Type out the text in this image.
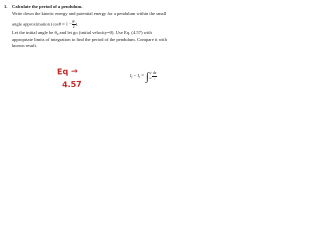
1. Calculate the period of a pendulum.
Write down the kinetic energy and potential energy for a pendulum within the small
angle approximation ($\cos\theta \approx 1 - \frac{\text{θ²}}{2}$ ).
Let the initial angle be $\theta_0$ and let go (initial velocity=0). Use Eq. (4.57) with
appropriate limits of integration to find the period of the pendulum. Compare it with
known result.
Eq →
4.57
$t_f - t_i$ = ∫ xf
xi $\frac{dx}{v}$
